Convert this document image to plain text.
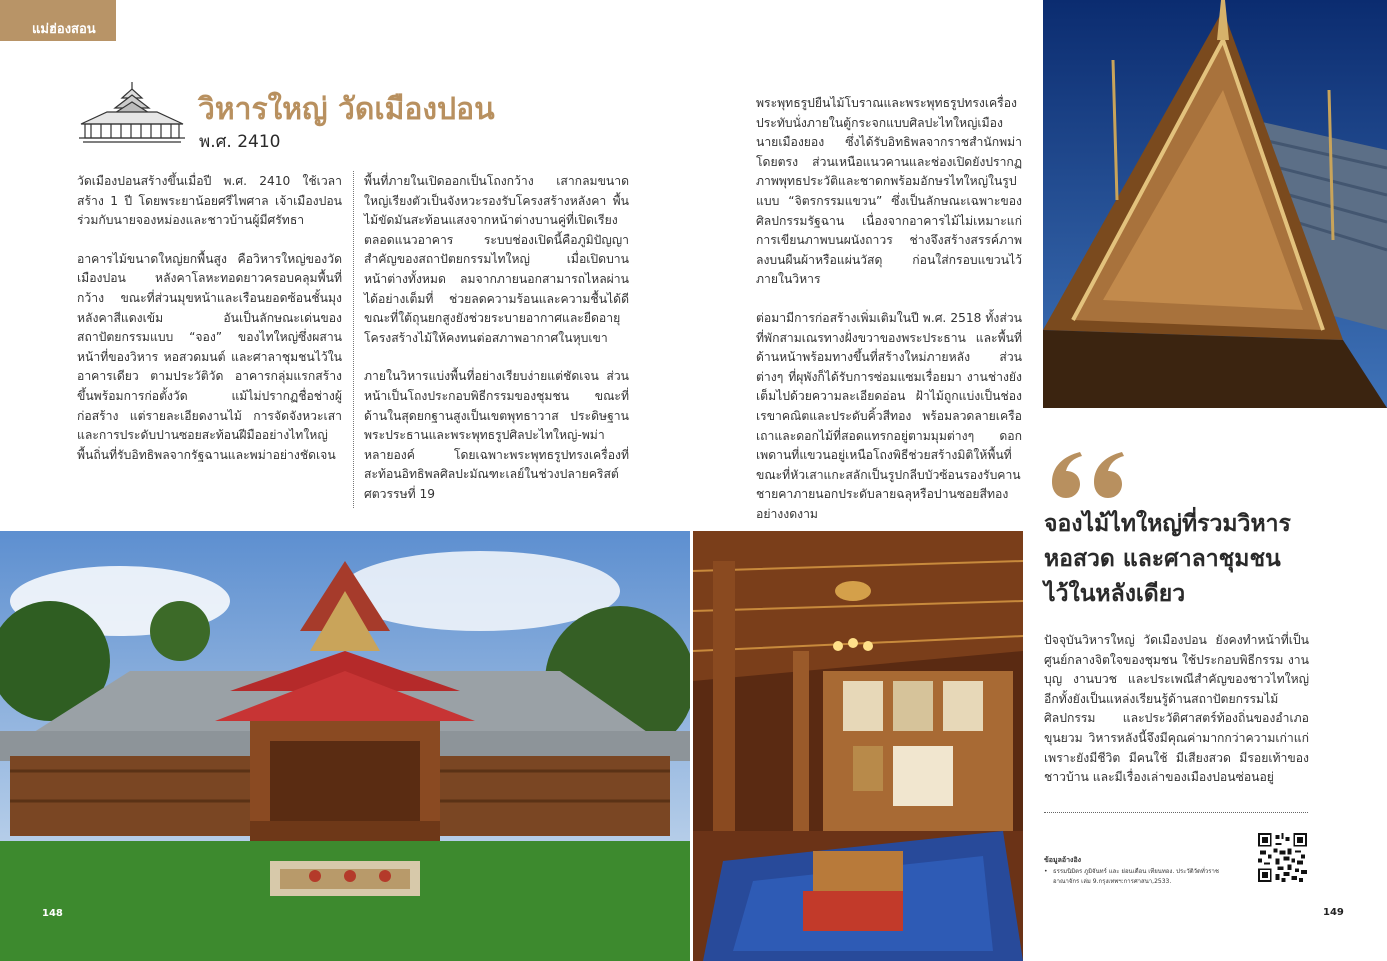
แม่ฮ่องสอน
วิหารใหญ่ วัดเมืองปอน
พ.ศ. 2410

วัดเมืองปอนสร้างขึ้นเมื่อปี พ.ศ. 2410 ใช้เวลาสร้าง 1 ปี โดยพระยาน้อยศรีไพศาล เจ้าเมืองปอน ร่วมกับนายจองหม่องและชาวบ้านผู้มีศรัทธา

อาคารไม้ขนาดใหญ่ยกพื้นสูง คือวิหารใหญ่ของวัดเมืองปอน หลังคาโลหะทอดยาวครอบคลุมพื้นที่กว้าง ขณะที่ส่วนมุขหน้าและเรือนยอดซ้อนชั้นมุงหลังคาสีแดงเข้ม อันเป็นลักษณะเด่นของสถาปัตยกรรมแบบ “จอง” ของไทใหญ่ซึ่งผสานหน้าที่ของวิหาร หอสวดมนต์ และศาลาชุมชนไว้ในอาคารเดียว ตามประวัติวัด อาคารกลุ่มแรกสร้างขึ้นพร้อมการก่อตั้งวัด แม้ไม่ปรากฏชื่อช่างผู้ก่อสร้าง แต่รายละเอียดงานไม้ การจัดจังหวะเสา และการประดับปานซอยสะท้อนฝีมืออย่างไทใหญ่พื้นถิ่นที่รับอิทธิพลจากรัฐฉานและพม่าอย่างชัดเจน

พื้นที่ภายในเปิดออกเป็นโถงกว้าง เสากลมขนาดใหญ่เรียงตัวเป็นจังหวะรองรับโครงสร้างหลังคา พื้นไม้ขัดมันสะท้อนแสงจากหน้าต่างบานคู่ที่เปิดเรียงตลอดแนวอาคาร ระบบช่องเปิดนี้คือภูมิปัญญาสำคัญของสถาปัตยกรรมไทใหญ่ เมื่อเปิดบานหน้าต่างทั้งหมด ลมจากภายนอกสามารถไหลผ่านได้อย่างเต็มที่ ช่วยลดความร้อนและความชื้นได้ดี ขณะที่ใต้ถุนยกสูงยังช่วยระบายอากาศและยืดอายุโครงสร้างไม้ให้คงทนต่อสภาพอากาศในหุบเขา

ภายในวิหารแบ่งพื้นที่อย่างเรียบง่ายแต่ชัดเจน ส่วนหน้าเป็นโถงประกอบพิธีกรรมของชุมชน ขณะที่ด้านในสุดยกฐานสูงเป็นเขตพุทธาวาส ประดิษฐานพระประธานและพระพุทธรูปศิลปะไทใหญ่-พม่าหลายองค์ โดยเฉพาะพระพุทธรูปทรงเครื่องที่สะท้อนอิทธิพลศิลปะมัณฑะเลย์ในช่วงปลายคริสต์ศตวรรษที่ 19

พระพุทธรูปยืนไม้โบราณและพระพุทธรูปทรงเครื่องประทับนั่งภายในตู้กระจกแบบศิลปะไทใหญ่เมืองนายเมืองยอง ซึ่งได้รับอิทธิพลจากราชสำนักพม่าโดยตรง ส่วนเหนือแนวคานและช่องเปิดยังปรากฏภาพพุทธประวัติและชาดกพร้อมอักษรไทใหญ่ในรูปแบบ “จิตรกรรมแขวน” ซึ่งเป็นลักษณะเฉพาะของศิลปกรรมรัฐฉาน เนื่องจากอาคารไม้ไม่เหมาะแก่การเขียนภาพบนผนังถาวร ช่างจึงสร้างสรรค์ภาพลงบนผืนผ้าหรือแผ่นวัสดุ ก่อนใส่กรอบแขวนไว้ภายในวิหาร

ต่อมามีการก่อสร้างเพิ่มเติมในปี พ.ศ. 2518 ทั้งส่วนที่พักสามเณรทางฝั่งขวาของพระประธาน และพื้นที่ด้านหน้าพร้อมทางขึ้นที่สร้างใหม่ภายหลัง ส่วนต่างๆ ที่ผุพังก็ได้รับการซ่อมแซมเรื่อยมา งานช่างยังเต็มไปด้วยความละเอียดอ่อน ฝ้าไม้ถูกแบ่งเป็นช่องเรขาคณิตและประดับคิ้วสีทอง พร้อมลวดลายเครือเถาและดอกไม้ที่สอดแทรกอยู่ตามมุมต่างๆ ดอกเพดานที่แขวนอยู่เหนือโถงพิธีช่วยสร้างมิติให้พื้นที่ ขณะที่หัวเสาแกะสลักเป็นรูปกลีบบัวซ้อนรองรับคาน ชายคาภายนอกประดับลายฉลุหรือปานซอยสีทองอย่างงดงาม	จองไม้ไทใหญ่ที่รวมวิหาร
หอสวด และศาลาชุมชน
ไว้ในหลังเดียว

ปัจจุบันวิหารใหญ่ วัดเมืองปอน ยังคงทำหน้าที่เป็นศูนย์กลางจิตใจของชุมชน ใช้ประกอบพิธีกรรม งานบุญ งานบวช และประเพณีสำคัญของชาวไทใหญ่ อีกทั้งยังเป็นแหล่งเรียนรู้ด้านสถาปัตยกรรมไม้ ศิลปกรรม และประวัติศาสตร์ท้องถิ่นของอำเภอขุนยวม วิหารหลังนี้จึงมีคุณค่ามากกว่าความเก่าแก่ เพราะยังมีชีวิต มีคนใช้ มีเสียงสวด มีรอยเท้าของชาวบ้าน และมีเรื่องเล่าของเมืองปอนซ่อนอยู่

ข้อมูลอ้างอิง
• ธรรมนิมิตร ภูมิจันทร์ และ ย่อนเดือน เทียนทอง. ประวัติวัดทั่วราชอาณาจักร เล่ม 9.กรุงเทพฯ:การศาสนา,2533.
148	149
